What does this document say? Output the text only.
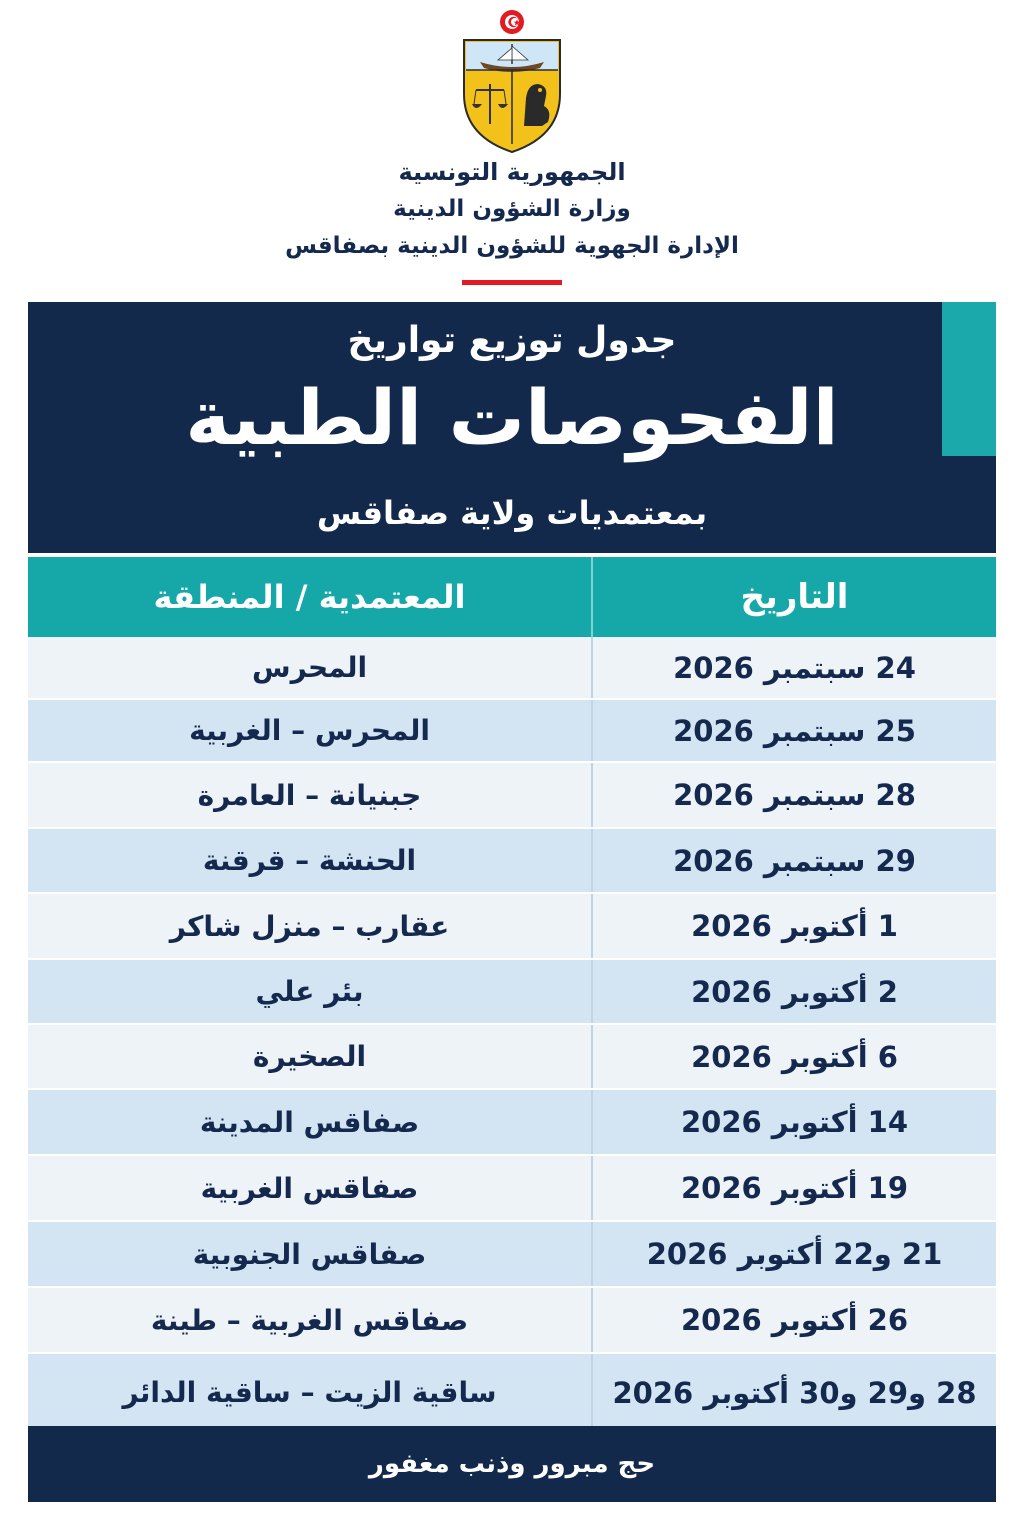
الجمهورية التونسية
وزارة الشؤون الدينية
الإدارة الجهوية للشؤون الدينية بصفاقس
جدول توزيع تواريخ
الفحوصات الطبية
بمعتمديات ولاية صفاقس
المعتمدية / المنطقة	التاريخ
المحرس	24 سبتمبر 2026
المحرس – الغربية	25 سبتمبر 2026
جبنيانة – العامرة	28 سبتمبر 2026
الحنشة – قرقنة	29 سبتمبر 2026
عقارب – منزل شاكر	1 أكتوبر 2026
بئر علي	2 أكتوبر 2026
الصخيرة	6 أكتوبر 2026
صفاقس المدينة	14 أكتوبر 2026
صفاقس الغربية	19 أكتوبر 2026
صفاقس الجنوبية	21 و22 أكتوبر 2026
صفاقس الغربية – طينة	26 أكتوبر 2026
ساقية الزيت – ساقية الدائر	28 و29 و30 أكتوبر 2026
حج مبرور وذنب مغفور
